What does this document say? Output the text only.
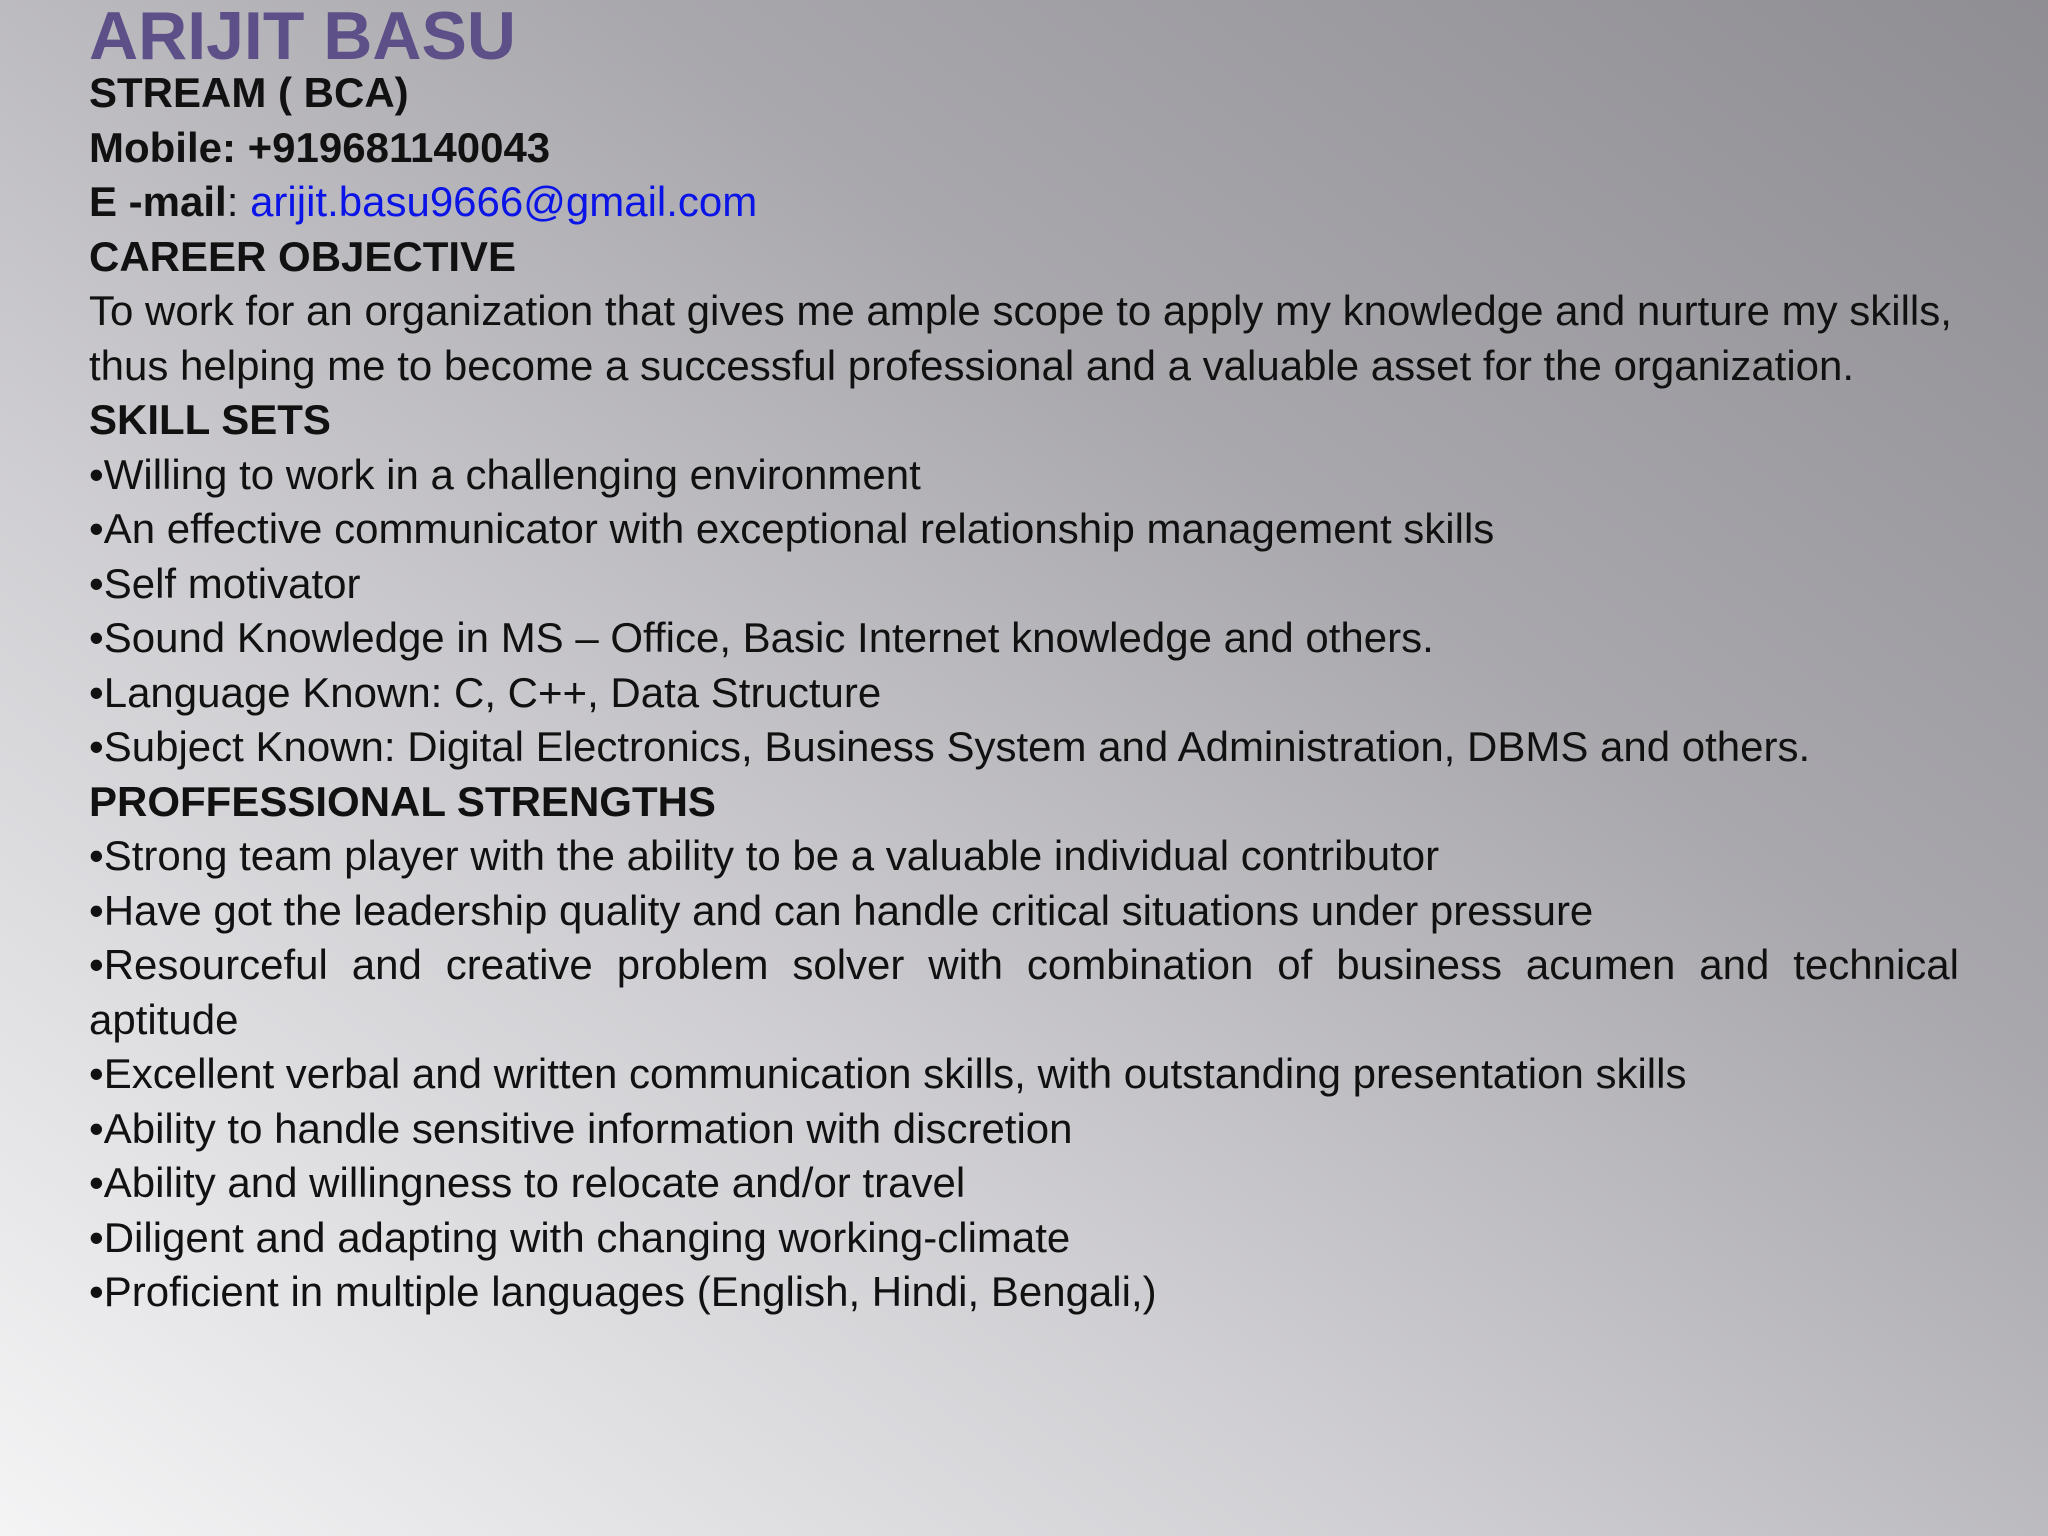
ARIJIT BASU

STREAM ( BCA)

Mobile: +919681140043

E -mail: arijit.basu9666@gmail.com

CAREER OBJECTIVE

To work for an organization that gives me ample scope to apply my knowledge and nurture my skills,

thus helping me to become a successful professional and a valuable asset for the organization.

SKILL SETS

•Willing to work in a challenging environment

•An effective communicator with exceptional relationship management skills

•Self motivator

•Sound Knowledge in MS – Office, Basic Internet knowledge and others.

•Language Known: C, C++, Data Structure

•Subject Known: Digital Electronics, Business System and Administration, DBMS and others.

PROFFESSIONAL STRENGTHS

•Strong team player with the ability to be a valuable individual contributor

•Have got the leadership quality and can handle critical situations under pressure

•Resourceful and creative problem solver with combination of business acumen and technical aptitude

•Excellent verbal and written communication skills, with outstanding presentation skills

•Ability to handle sensitive information with discretion

•Ability and willingness to relocate and/or travel

•Diligent and adapting with changing working-climate

•Proficient in multiple languages (English, Hindi, Bengali,)
